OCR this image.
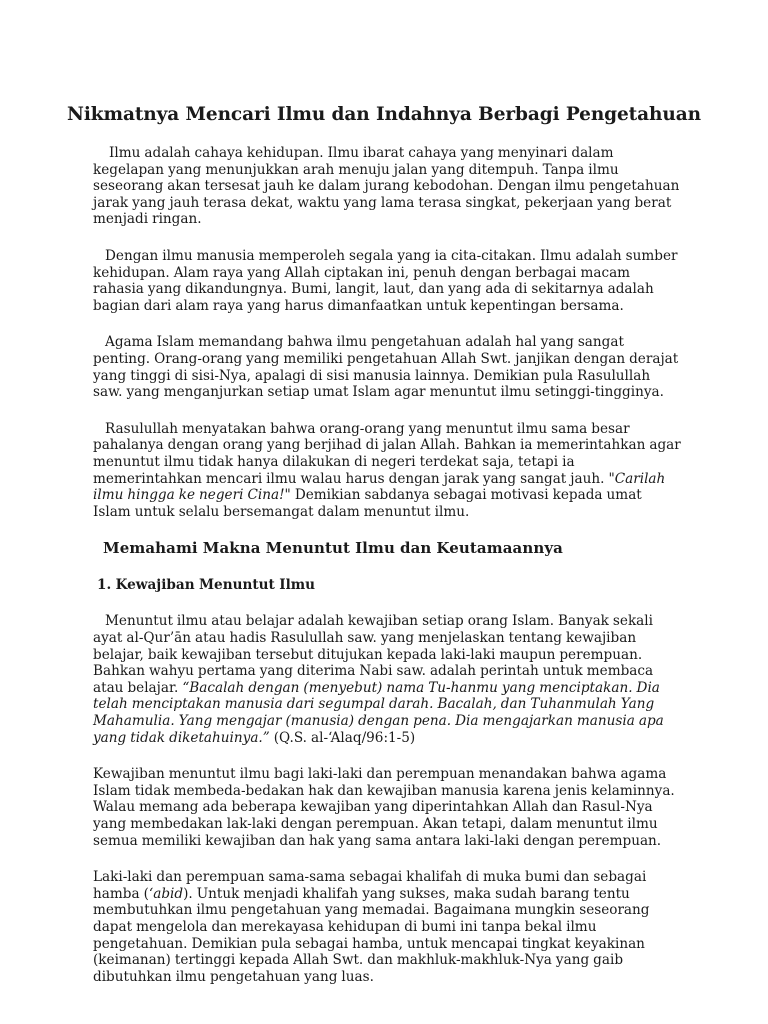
Nikmatnya Mencari Ilmu dan Indahnya Berbagi Pengetahuan

Ilmu adalah cahaya kehidupan. Ilmu ibarat cahaya yang menyinari dalam kegelapan yang menunjukkan arah menuju jalan yang ditempuh. Tanpa ilmu seseorang akan tersesat jauh ke dalam jurang kebodohan. Dengan ilmu pengetahuan jarak yang jauh terasa dekat, waktu yang lama terasa singkat, pekerjaan yang berat menjadi ringan.

Dengan ilmu manusia memperoleh segala yang ia cita-citakan. Ilmu adalah sumber kehidupan. Alam raya yang Allah ciptakan ini, penuh dengan berbagai macam rahasia yang dikandungnya. Bumi, langit, laut, dan yang ada di sekitarnya adalah bagian dari alam raya yang harus dimanfaatkan untuk kepentingan bersama.

Agama Islam memandang bahwa ilmu pengetahuan adalah hal yang sangat penting. Orang-orang yang memiliki pengetahuan Allah Swt. janjikan dengan derajat yang tinggi di sisi-Nya, apalagi di sisi manusia lainnya. Demikian pula Rasulullah saw. yang menganjurkan setiap umat Islam agar menuntut ilmu setinggi-tingginya.

Rasulullah menyatakan bahwa orang-orang yang menuntut ilmu sama besar pahalanya dengan orang yang berjihad di jalan Allah. Bahkan ia memerintahkan agar menuntut ilmu tidak hanya dilakukan di negeri terdekat saja, tetapi ia memerintahkan mencari ilmu walau harus dengan jarak yang sangat jauh. "Carilah ilmu hingga ke negeri Cina!" Demikian sabdanya sebagai motivasi kepada umat Islam untuk selalu bersemangat dalam menuntut ilmu.

Memahami Makna Menuntut Ilmu dan Keutamaannya

1. Kewajiban Menuntut Ilmu

Menuntut ilmu atau belajar adalah kewajiban setiap orang Islam. Banyak sekali ayat al-Qur’ān atau hadis Rasulullah saw. yang menjelaskan tentang kewajiban belajar, baik kewajiban tersebut ditujukan kepada laki-laki maupun perempuan. Bahkan wahyu pertama yang diterima Nabi saw. adalah perintah untuk membaca atau belajar. “Bacalah dengan (menyebut) nama Tu-hanmu yang menciptakan. Dia telah menciptakan manusia dari segumpal darah. Bacalah, dan Tuhanmulah Yang Mahamulia. Yang mengajar (manusia) dengan pena. Dia mengajarkan manusia apa yang tidak diketahuinya.” (Q.S. al-‘Alaq/96:1-5)

Kewajiban menuntut ilmu bagi laki-laki dan perempuan menandakan bahwa agama Islam tidak membeda-bedakan hak dan kewajiban manusia karena jenis kelaminnya. Walau memang ada beberapa kewajiban yang diperintahkan Allah dan Rasul-Nya yang membedakan lak-laki dengan perempuan. Akan tetapi, dalam menuntut ilmu semua memiliki kewajiban dan hak yang sama antara laki-laki dengan perempuan.

Laki-laki dan perempuan sama-sama sebagai khalifah di muka bumi dan sebagai hamba (‘abid). Untuk menjadi khalifah yang sukses, maka sudah barang tentu membutuhkan ilmu pengetahuan yang memadai. Bagaimana mungkin seseorang dapat mengelola dan merekayasa kehidupan di bumi ini tanpa bekal ilmu pengetahuan. Demikian pula sebagai hamba, untuk mencapai tingkat keyakinan (keimanan) tertinggi kepada Allah Swt. dan makhluk-makhluk-Nya yang gaib dibutuhkan ilmu pengetahuan yang luas.
